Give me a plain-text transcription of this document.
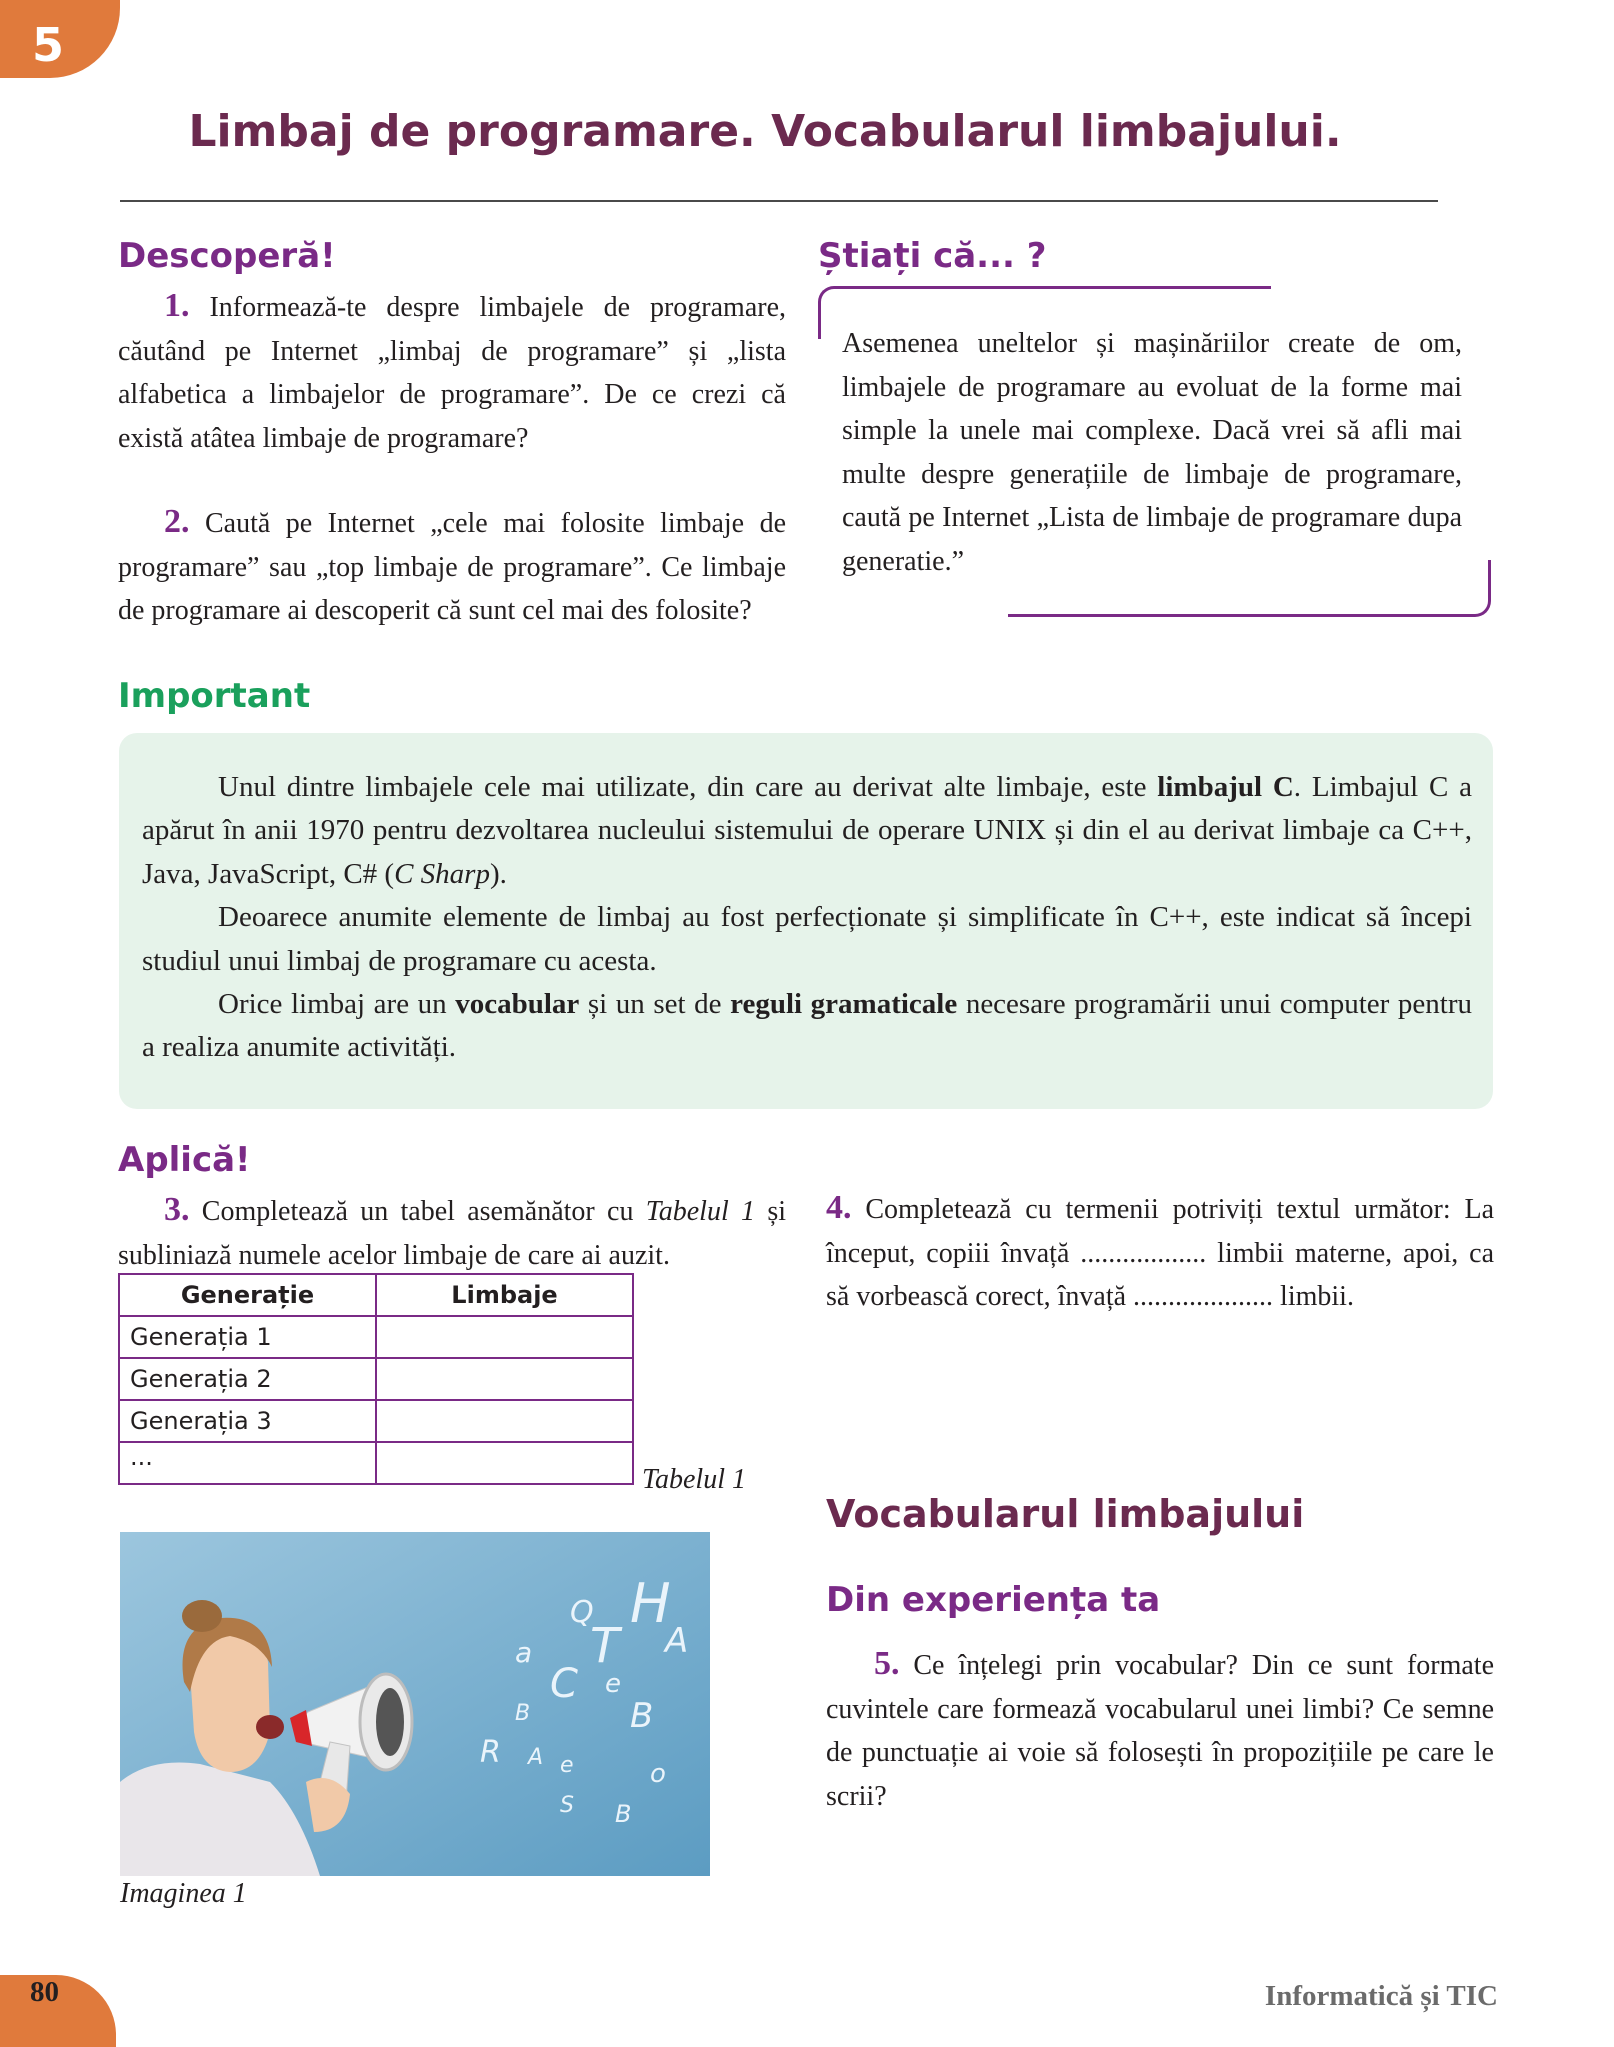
5
Limbaj de programare. Vocabularul limbajului.
Descoperă!

1. Informează-te despre limbajele de programare, căutând pe Internet „limbaj de programare” și „lista alfabetica a limbajelor de programare”. De ce crezi că există atâtea limbaje de programare?

2. Caută pe Internet „cele mai folosite limbaje de programare” sau „top limbaje de programare”. Ce limbaje de programare ai descoperit că sunt cel mai des folosite?

Știați că... ?
Asemenea uneltelor și mașinăriilor create de om, limbajele de programare au evoluat de la forme mai simple la unele mai complexe. Dacă vrei să afli mai multe despre generațiile de limbaje de programare, caută pe Internet „Lista de limbaje de programare dupa generatie.”
Important

Unul dintre limbajele cele mai utilizate, din care au derivat alte limbaje, este limbajul C. Limbajul C a apărut în anii 1970 pentru dezvoltarea nucleului sistemului de operare UNIX și din el au derivat limbaje ca C++, Java, JavaScript, C# (C Sharp).

Deoarece anumite elemente de limbaj au fost perfecționate și simplificate în C++, este indicat să începi studiul unui limbaj de programare cu acesta.

Orice limbaj are un vocabular și un set de reguli gramaticale necesare programării unui computer pentru a realiza anumite activități.

Aplică!

3. Completează un tabel asemănător cu Tabelul 1 și subliniază numele acelor limbaje de care ai auzit.

Generație	Limbaje
Generația 1	
Generația 2	
Generația 3	
...	
Tabelul 1
H
A
T
C
B
e
a
Q
R A
B
e
S
o
B
Imaginea 1

4. Completează cu termenii potriviți textul următor: La început, copiii învață .................. limbii materne, apoi, ca să vorbească corect, învață .................... limbii.

Vocabularul limbajului
Din experiența ta

5. Ce înțelegi prin vocabular? Din ce sunt formate cuvintele care formează vocabularul unei limbi? Ce semne de punctuație ai voie să folosești în propozițiile pe care le scrii?

80	Informatică și TIC
